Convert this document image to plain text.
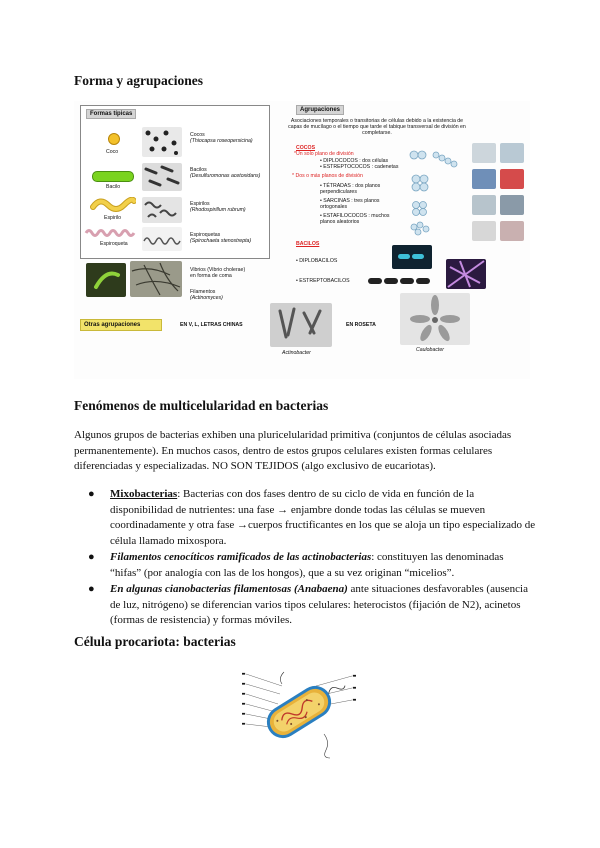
Forma y agrupaciones
Formas típicas
Coco
Cocos
(Thiocapsa roseopersicina)
Bacilo
Bacilos
(Desulfuromonas acetoxidans)
Espirilo
Espirilos
(Rhodospirillum rubrum)
Espiroqueta
Espiroquetas
(Spirochaeta stenostrepta)
Vibrios (Vibrio cholerae)
en forma de coma
Filamentos
(Actinomyces)
Otras agrupaciones	EN V, L, LETRAS CHINAS
Actinobacter
EN ROSETA
Caulobacter
Agrupaciones
Asociaciones temporales o transitorias de células debido a la existencia de capas de mucílago o el tiempo que tarde el tabique transversal de división en completarse.
COCOS
*Un solo plano de división
• DIPLOCOCOS : dos células
• ESTREPTOCOCOS : cadenetas
* Dos o más planos de división
• TÉTRADAS : dos planos perpendiculares
• SARCINAS : tres planos ortogonales
• ESTAFILOCOCOS : muchos planos aleatorios
BACILOS
• DIPLOBACILOS
• ESTREPTOBACILOS
Fenómenos de multicelularidad en bacterias

Algunos grupos de bacterias exhiben una pluricelularidad primitiva (conjuntos de células asociadas permanentemente). En muchos casos, dentro de estos grupos celulares existen formas celulares diferenciadas y especializadas. NO SON TEJIDOS (algo exclusivo de eucariotas).

● Mixobacterias: Bacterias con dos fases dentro de su ciclo de vida en función de la disponibilidad de nutrientes: una fase → enjambre donde todas las células se mueven coordinadamente y otra fase →cuerpos fructificantes en los que se aloja un tipo especializado de célula llamado mixospora.
● Filamentos cenocíticos ramificados de las actinobacterias: constituyen las denominadas “hifas” (por analogía con las de los hongos), que a su vez originan “micelios”.
● En algunas cianobacterias filamentosas (Anabaena) ante situaciones desfavorables (ausencia de luz, nitrógeno) se diferencian varios tipos celulares: heterocistos (fijación de N2), acinetos (formas de resistencia) y formas móviles.
Célula procariota: bacterias
